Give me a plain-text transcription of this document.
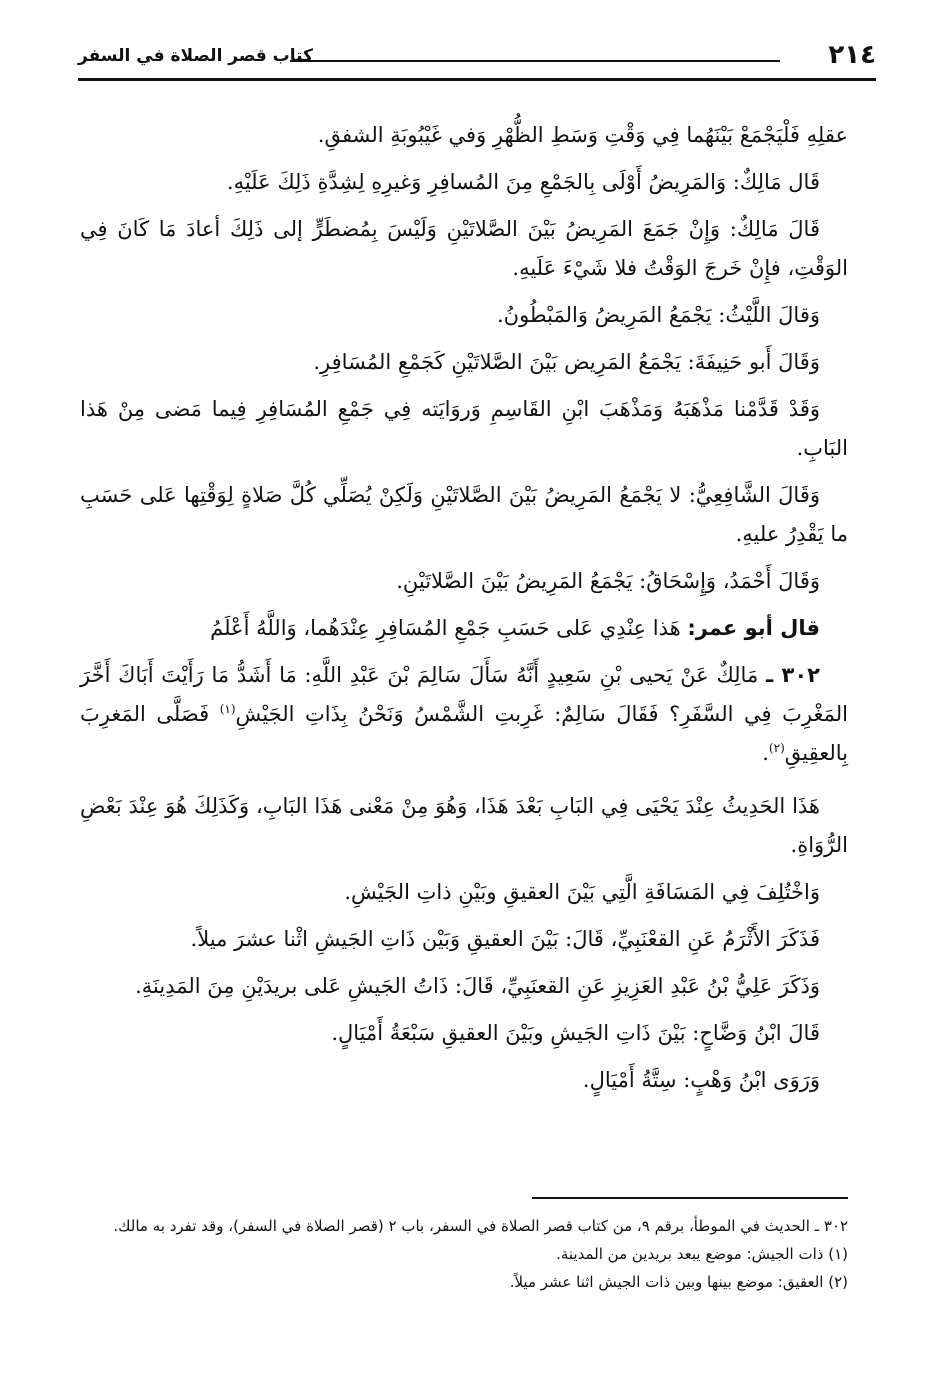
٢١٤
كتاب قصر الصلاة في السفر

عقلِهِ فَلْيَجْمَعْ بَيْنَهُما فِي وَقْتِ وَسَطِ الظُّهْرِ وَفي غَيْبُوبَةِ الشفقِ.

قَال مَالِكٌ: وَالمَرِيضُ أَوْلَى بِالجَمْعِ مِنَ المُسافِرِ وَغيرِهِ لِشِدَّةِ ذَلِكَ عَلَيْهِ.

قَالَ مَالِكٌ: وَإِنْ جَمَعَ المَرِيضُ بَيْنَ الصَّلاتَيْنِ وَلَيْسَ بِمُضطَرٍّ إلى ذَلِكَ أعادَ مَا كَانَ فِي الوَقْتِ، فإِنْ خَرجَ الوَقْتُ فلا شَيْءَ عَلَيهِ.

وَقالَ اللَّيْثُ: يَجْمَعُ المَرِيضُ وَالمَبْطُونُ.

وَقَالَ أَبو حَنِيفَةَ: يَجْمَعُ المَرِيض بَيْنَ الصَّلاتَيْنِ كَجَمْعِ المُسَافِرِ.

وَقَدْ قَدَّمْنا مَذْهَبَهُ وَمَذْهَبَ ابْنِ القَاسِمِ وَروَايَته فِي جَمْعِ المُسَافِرِ فِيما مَضى مِنْ هَذا البَابِ.

وَقَالَ الشَّافِعِيُّ: لا يَجْمَعُ المَرِيضُ بَيْنَ الصَّلاتَيْنِ وَلَكِنْ يُصَلِّي كُلَّ صَلاةٍ لِوَقْتِها عَلى حَسَبِ ما يَقْدِرُ عليهِ.

وَقَالَ أَحْمَدُ، وَإِسْحَاقُ: يَجْمَعُ المَرِيضُ بَيْنَ الصَّلاتَيْنِ.

قال أبو عمر: هَذا عِنْدِي عَلى حَسَبِ جَمْعِ المُسَافِرِ عِنْدَهُما، وَاللَّهُ أَعْلَمُ

٣٠٢ ـ مَالِكٌ عَنْ يَحيى بْنِ سَعِيدٍ أَنَّهُ سَأَلَ سَالِمَ بْنَ عَبْدِ اللَّهِ: مَا أَشَدُّ مَا رَأَيْتَ أَبَاكَ أَخَّرَ المَغْرِبَ فِي السَّفَرِ؟ فَقَالَ سَالِمٌ: غَرِبتِ الشَّمْسُ وَنَحْنُ بِذَاتِ الجَيْشِ$^{(١)}$ فَصَلَّى المَغرِبَ بِالعقِيقِ$^{(٢)}$.

هَذَا الحَدِيثُ عِنْدَ يَحْيَى فِي البَابِ بَعْدَ هَذَا، وَهُوَ مِنْ مَعْنى هَذَا البَابِ، وَكَذَلِكَ هُوَ عِنْدَ بَعْضِ الرُّوَاةِ.

وَاخْتُلِفَ فِي المَسَافَةِ الَّتِي بَيْنَ العقيقِ وبَيْنِ ذاتِ الجَيْشِ.

فَذَكَرَ الأَثْرَمُ عَنِ القعْنَبِيِّ، قَالَ: بَيْنَ العقيقِ وَبَيْن ذَاتِ الجَيشِ اثْنا عشرَ ميلاً.

وَذَكَرَ عَلِيُّ بْنُ عَبْدِ العَزِيزِ عَنِ القعنَبِيِّ، قَالَ: ذَاتُ الجَيشِ عَلى بريدَيْنِ مِنَ المَدِينَةِ.

قَالَ ابْنُ وَضَّاحٍ: بَيْنَ ذَاتِ الجَيشِ وبَيْنَ العقيقِ سَبْعَةُ أَمْيَالٍ.

وَرَوَى ابْنُ وَهْبٍ: سِتَّةُ أَمْيَالٍ.

٣٠٢ ـ الحديث في الموطأ، برقم ٩، من كتاب قصر الصلاة في السفر، باب ٢ (قصر الصلاة في السفر)، وقد تفرد به مالك.

(١) ذات الجيش: موضع يبعد بريدين من المدينة.

(٢) العقيق: موضع بينها وبين ذات الجيش اثنا عشر ميلاً.
